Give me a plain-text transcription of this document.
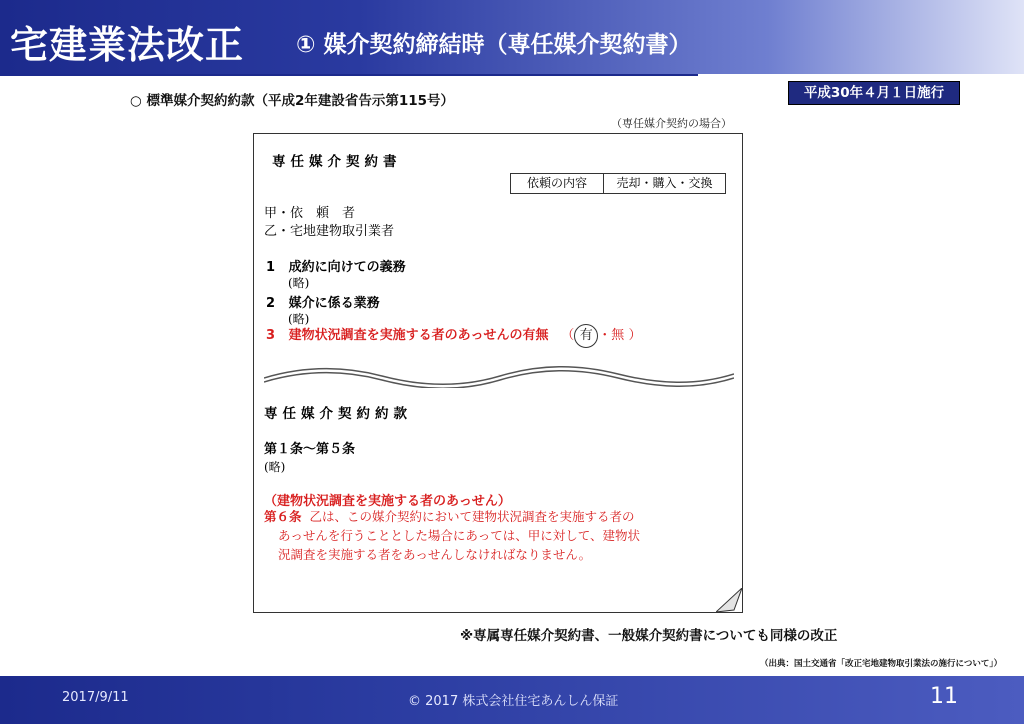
宅建業法改正 ① 媒介契約締結時（専任媒介契約書）
○ 標準媒介契約約款（平成2年建設省告示第115号）	平成30年４月１日施行
（専任媒介契約の場合）
専任媒介契約書
依頼の内容	売却・購入・交換
甲・依　頼　者
乙・宅地建物取引業者
1 成約に向けての義務
(略)
2 媒介に係る業務
(略)
3 建物状況調査を実施する者のあっせんの有無   （ 有 ・無 ）
専任媒介契約約款
第１条～第５条
(略)
（建物状況調査を実施する者のあっせん）
第６条 乙は、この媒介契約において建物状況調査を実施する者の
あっせんを行うこととした場合にあっては、甲に対して、建物状
況調査を実施する者をあっせんしなければなりません。
※専属専任媒介契約書、一般媒介契約書についても同様の改正
（出典：国土交通省「改正宅地建物取引業法の施行について」）
2017/9/11	© 2017 株式会社住宅あんしん保証	11
